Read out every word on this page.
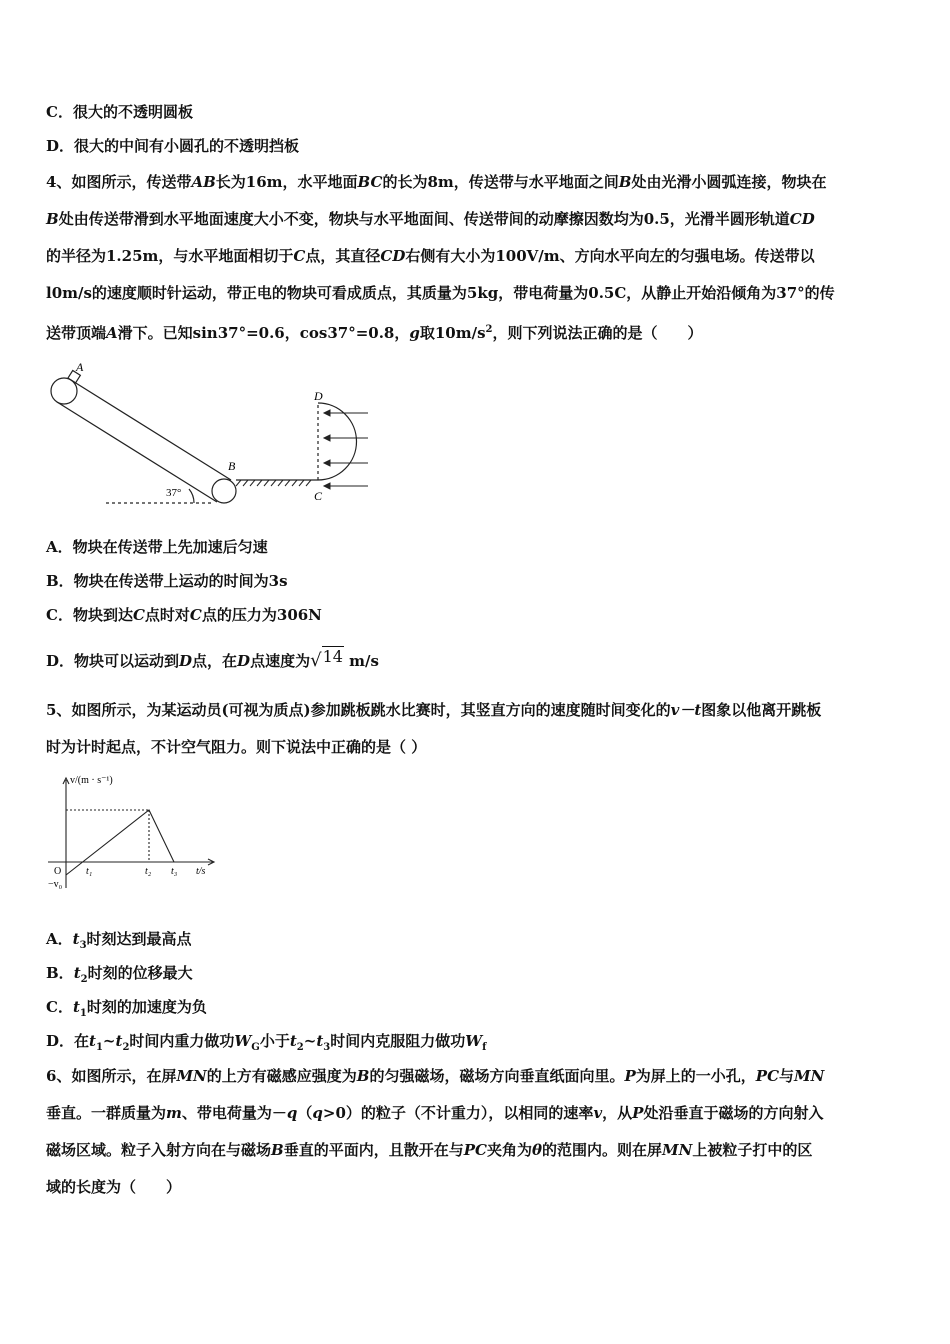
C．很大的不透明圆板
D．很大的中间有小圆孔的不透明挡板
4、如图所示，传送带AB长为16m，水平地面BC的长为8m，传送带与水平地面之间B处由光滑小圆弧连接，物块在
B处由传送带滑到水平地面速度大小不变，物块与水平地面间、传送带间的动摩擦因数均为0.5，光滑半圆形轨道CD
的半径为1.25m，与水平地面相切于C点，其直径CD右侧有大小为100V/m、方向水平向左的匀强电场。传送带以
l0m/s的速度顺时针运动，带正电的物块可看成质点，其质量为5kg，带电荷量为0.5C，从静止开始沿倾角为37°的传
送带顶端A滑下。已知sin37°=0.6，cos37°=0.8，g取$10m/s^2$，则下列说法正确的是（　　）
A
B
C
D
37°
A．物块在传送带上先加速后匀速
B．物块在传送带上运动的时间为3s
C．物块到达C点时对C点的压力为306N
D．物块可以运动到D点，在D点速度为√14 m/s
5、如图所示，为某运动员(可视为质点)参加跳板跳水比赛时，其竖直方向的速度随时间变化的v－t图象以他离开跳板
时为计时起点，不计空气阻力。则下说法中正确的是（ ）
v/(m · s⁻¹)
O
−v₀
t₁	t₂ t₃ t/s
A．$t_3$时刻达到最高点
B．$t_2$时刻的位移最大
C．$t_1$时刻的加速度为负
D．在$t_1\sim t_2$时间内重力做功$W_G$小于$t_2\sim t_3$时间内克服阻力做功$W_f$
6、如图所示，在屏MN的上方有磁感应强度为B的匀强磁场，磁场方向垂直纸面向里。P为屏上的一小孔，PC与MN
垂直。一群质量为m、带电荷量为－q（q>0）的粒子（不计重力），以相同的速率v，从P处沿垂直于磁场的方向射入
磁场区域。粒子入射方向在与磁场B垂直的平面内，且散开在与PC夹角为θ的范围内。则在屏MN上被粒子打中的区
域的长度为（　　）
